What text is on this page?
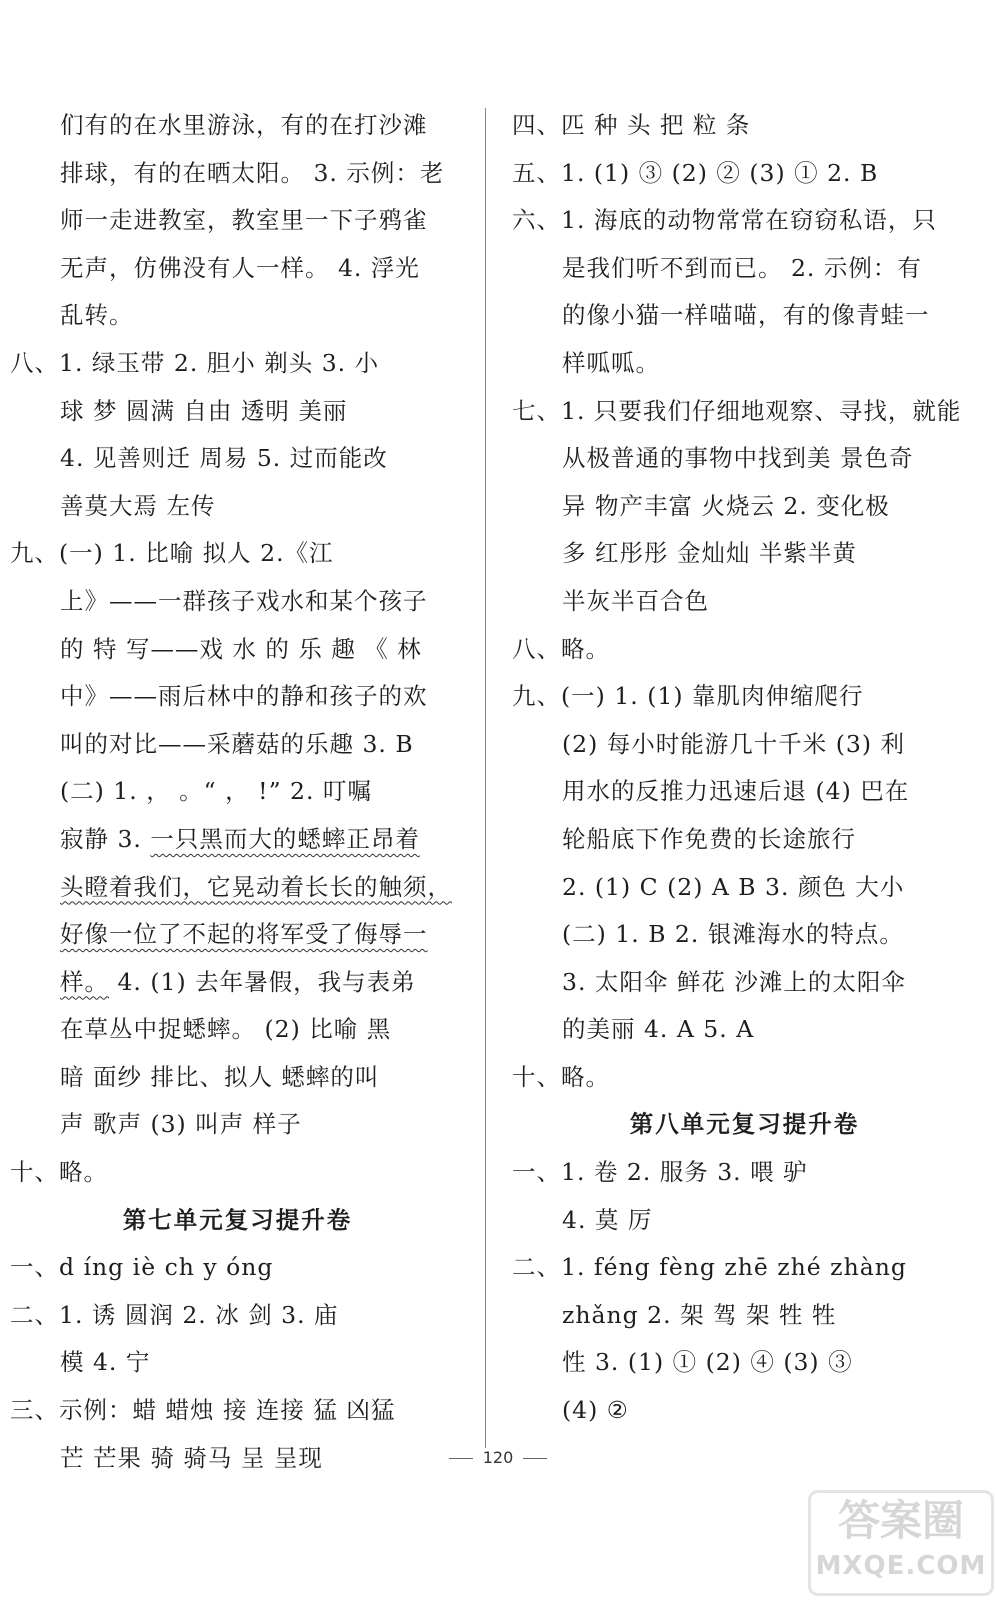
们有的在水里游泳，有的在打沙滩
排球，有的在晒太阳。 3. 示例：老
师一走进教室，教室里一下子鸦雀
无声，仿佛没有人一样。 4. 浮光
乱转。
八、1. 绿玉带 2. 胆小 剃头 3. 小
球 梦 圆满 自由 透明 美丽
4. 见善则迁 周易 5. 过而能改
善莫大焉 左传
九、(一) 1. 比喻 拟人 2.《江
上》——一群孩子戏水和某个孩子
的 特 写——戏 水 的 乐 趣 《 林
中》——雨后林中的静和孩子的欢
叫的对比——采蘑菇的乐趣 3. B
(二) 1. ， 。“ ， !” 2. 叮嘱
寂静 3. 一只黑而大的蟋蟀正昂着
头瞪着我们，它晃动着长长的触须，
好像一位了不起的将军受了侮辱一
样。 4. (1) 去年暑假，我与表弟
在草丛中捉蟋蟀。 (2) 比喻 黑
暗 面纱 排比、拟人 蟋蟀的叫
声 歌声 (3) 叫声 样子
十、略。
第七单元复习提升卷
一、d íng iè ch y óng
二、1. 诱 圆润 2. 冰 剑 3. 庙
模 4. 宁
三、示例：蜡 蜡烛 接 连接 猛 凶猛
芒 芒果 骑 骑马 呈 呈现
四、匹 种 头 把 粒 条
五、1. (1) ③ (2) ② (3) ① 2. B
六、1. 海底的动物常常在窃窃私语，只
是我们听不到而已。 2. 示例：有
的像小猫一样喵喵，有的像青蛙一
样呱呱。
七、1. 只要我们仔细地观察、寻找，就能
从极普通的事物中找到美 景色奇
异 物产丰富 火烧云 2. 变化极
多 红彤彤 金灿灿 半紫半黄
半灰半百合色
八、略。
九、(一) 1. (1) 靠肌肉伸缩爬行
(2) 每小时能游几十千米 (3) 利
用水的反推力迅速后退 (4) 巴在
轮船底下作免费的长途旅行
2. (1) C (2) A B 3. 颜色 大小
(二) 1. B 2. 银滩海水的特点。
3. 太阳伞 鲜花 沙滩上的太阳伞
的美丽 4. A 5. A
十、略。
第八单元复习提升卷
一、1. 卷 2. 服务 3. 喂 驴
4. 莫 厉
二、1. féng fèng zhē zhé zhàng
zhǎng 2. 架 驾 架 牲 牲
性 3. (1) ① (2) ④ (3) ③
(4) ②
120
答案圈
MXQE.COM
